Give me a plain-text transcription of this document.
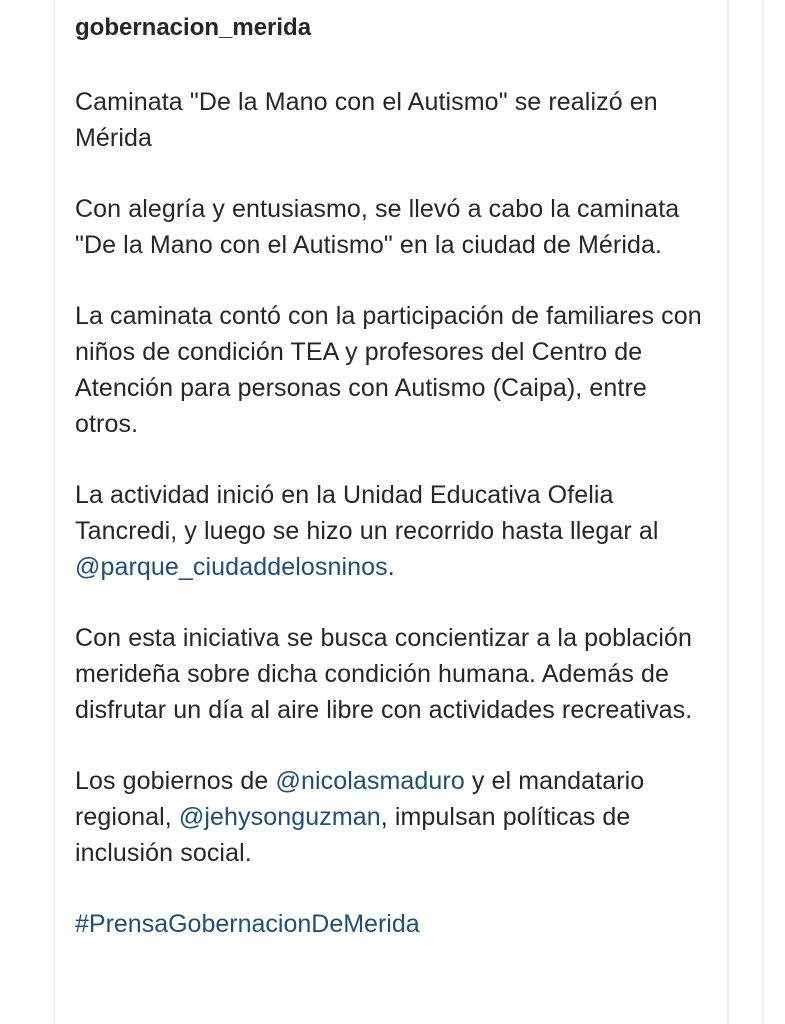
gobernacion_merida
Caminata "De la Mano con el Autismo" se realizó en Mérida
Con alegría y entusiasmo, se llevó a cabo la caminata "De la Mano con el Autismo" en la ciudad de Mérida.
La caminata contó con la participación de familiares con niños de condición TEA y profesores del Centro de Atención para personas con Autismo (Caipa), entre otros.
La actividad inició en la Unidad Educativa Ofelia Tancredi, y luego se hizo un recorrido hasta llegar al @parque_ciudaddelosninos.
Con esta iniciativa se busca concientizar a la población merideña sobre dicha condición humana. Además de disfrutar un día al aire libre con actividades recreativas.
Los gobiernos de @nicolasmaduro y el mandatario regional, @jehysonguzman, impulsan políticas de inclusión social.
#PrensaGobernacionDeMerida
